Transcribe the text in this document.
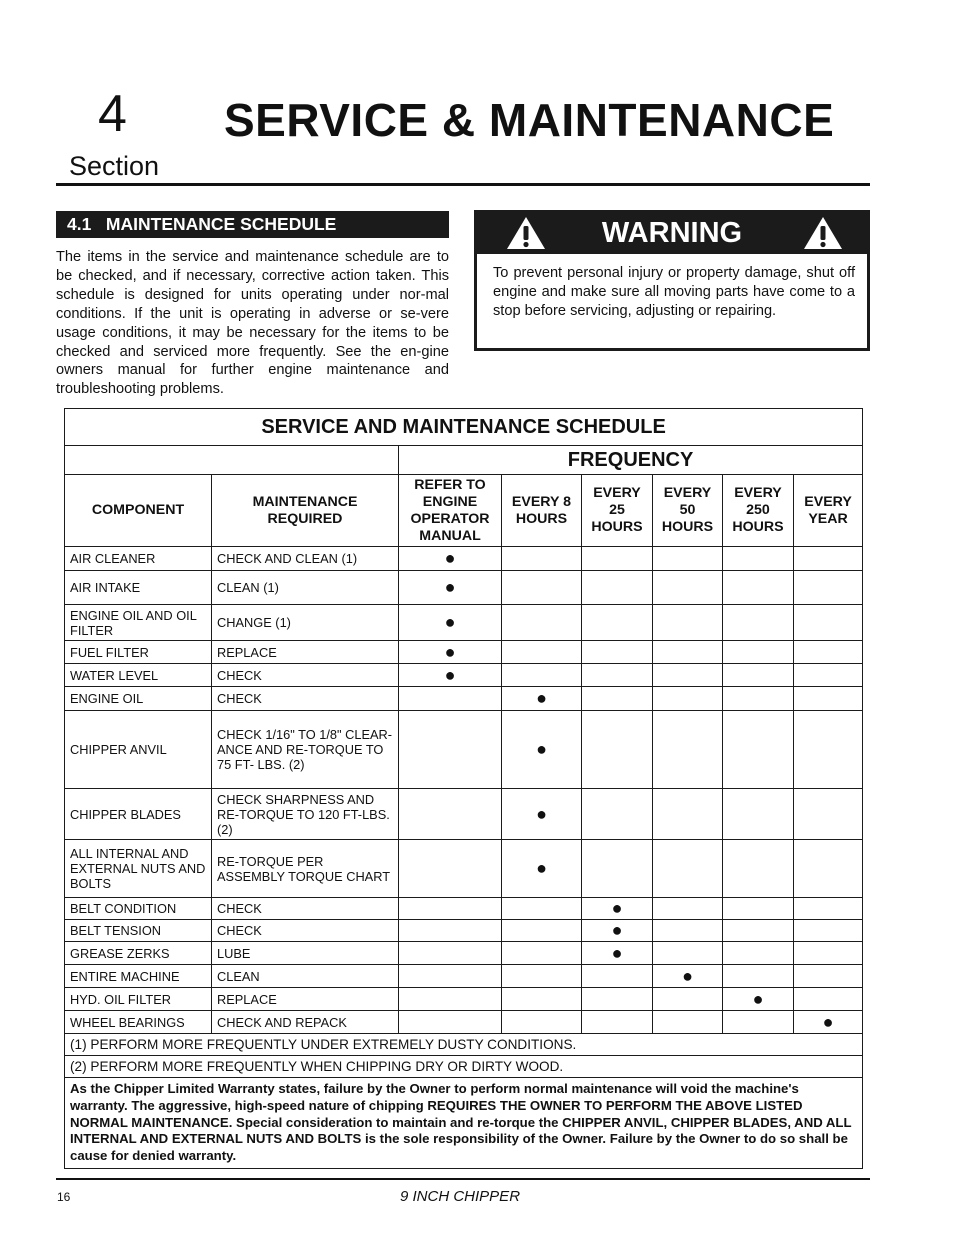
4
Section
SERVICE & MAINTENANCE
4.1   MAINTENANCE SCHEDULE
The items in the service and maintenance schedule are to be checked, and if necessary, corrective action taken. This schedule is designed for units operating under nor-mal conditions. If the unit is operating in adverse or se-vere usage conditions, it may be necessary for the items to be checked and serviced more frequently. See the en-gine owners manual for further engine maintenance and troubleshooting problems.
WARNING
To prevent personal injury or property damage, shut off engine and make sure all moving parts have come to a stop before servicing, adjusting or repairing.
SERVICE AND MAINTENANCE SCHEDULE							
		FREQUENCY					
COMPONENT	MAINTENANCE REQUIRED	REFER TO ENGINE OPERATOR MANUAL	EVERY 8 HOURS	EVERY 25 HOURS	EVERY 50 HOURS	EVERY 250 HOURS	EVERY YEAR
AIR CLEANER	CHECK AND CLEAN (1)	●					
AIR INTAKE	CLEAN (1)	●					
ENGINE OIL AND OIL FILTER	CHANGE (1)	●					
FUEL FILTER	REPLACE	●					
WATER LEVEL	CHECK	●					
ENGINE OIL	CHECK		●				
CHIPPER ANVIL	CHECK 1/16" TO 1/8" CLEAR-ANCE AND RE-TORQUE TO 75 FT- LBS. (2)		●				
CHIPPER BLADES	CHECK SHARPNESS AND RE-TORQUE TO 120 FT-LBS. (2)		●				
ALL INTERNAL AND EXTERNAL NUTS AND BOLTS	RE-TORQUE PER ASSEMBLY TORQUE CHART		●				
BELT CONDITION	CHECK			●			
BELT TENSION	CHECK			●			
GREASE ZERKS	LUBE			●			
ENTIRE MACHINE	CLEAN				●		
HYD. OIL FILTER	REPLACE					●	
WHEEL BEARINGS	CHECK AND REPACK						●
(1) PERFORM MORE FREQUENTLY UNDER EXTREMELY DUSTY CONDITIONS.							
(2) PERFORM MORE FREQUENTLY WHEN CHIPPING DRY OR DIRTY WOOD.							
As the Chipper Limited Warranty states, failure by the Owner to perform normal maintenance will void the machine's warranty. The aggressive, high-speed nature of chipping REQUIRES THE OWNER TO PERFORM THE ABOVE LISTED NORMAL MAINTENANCE. Special consideration to maintain and re-torque the CHIPPER ANVIL, CHIPPER BLADES, AND ALL INTERNAL AND EXTERNAL NUTS AND BOLTS is the sole responsibility of the Owner. Failure by the Owner to do so shall be cause for denied warranty.							
16	9 INCH CHIPPER
